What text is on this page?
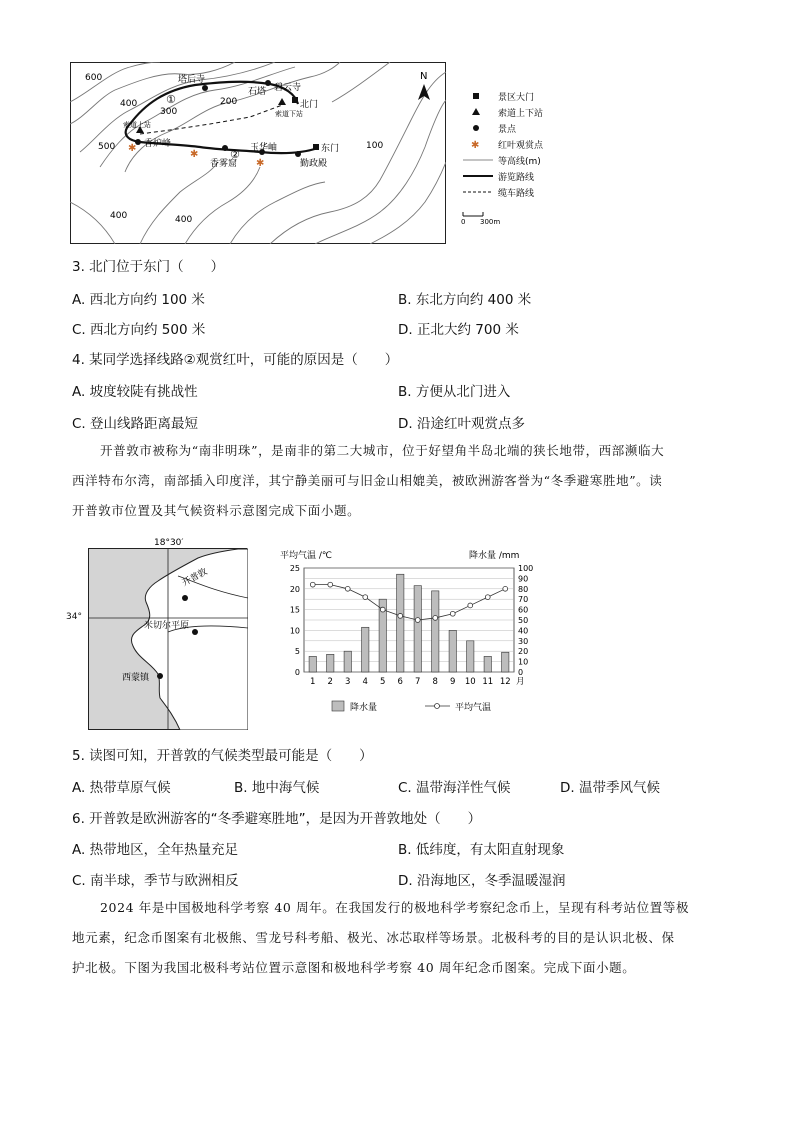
✱
✱
✱
600
400
300
200
500	100
400	400
①
②
塔后寺
石塔 碧云寺
北门
索道下站
索道上站
香炉峰
香雾窟
玉华岫	东门
勤政殿
N
景区大门
索道上下站
景点
✱ 红叶观赏点
等高线(m)
游览路线
缆车路线
0 300m
3. 北门位于东门（　　）
A. 西北方向约 100 米	B. 东北方向约 400 米
C. 西北方向约 500 米	D. 正北大约 700 米
4. 某同学选择线路②观赏红叶，可能的原因是（　　）
A. 坡度较陡有挑战性	B. 方便从北门进入
C. 登山线路距离最短	D. 沿途红叶观赏点多
开普敦市被称为“南非明珠”，是南非的第二大城市，位于好望角半岛北端的狭长地带，西部濒临大
西洋特布尔湾，南部插入印度洋，其宁静美丽可与旧金山相媲美，被欧洲游客誉为“冬季避寒胜地”。读
开普敦市位置及其气候资料示意图完成下面小题。
18°30′
开普敦
米切尔平原
西蒙镇
34°
平均气温 /℃	降水量 /mm
0
10
20
30
40
50
60
70
80
90
100
0
5
10
15
20
25
1 2 3 4 5 6 7 8 9 10 11 12 月
降水量	平均气温
5. 读图可知，开普敦的气候类型最可能是（　　）
A. 热带草原气候	B. 地中海气候	C. 温带海洋性气候	D. 温带季风气候
6. 开普敦是欧洲游客的“冬季避寒胜地”，是因为开普敦地处（　　）
A. 热带地区，全年热量充足	B. 低纬度，有太阳直射现象
C. 南半球，季节与欧洲相反	D. 沿海地区，冬季温暖湿润
2024 年是中国极地科学考察 40 周年。在我国发行的极地科学考察纪念币上，呈现有科考站位置等极
地元素，纪念币图案有北极熊、雪龙号科考船、极光、冰芯取样等场景。北极科考的目的是认识北极、保
护北极。下图为我国北极科考站位置示意图和极地科学考察 40 周年纪念币图案。完成下面小题。
